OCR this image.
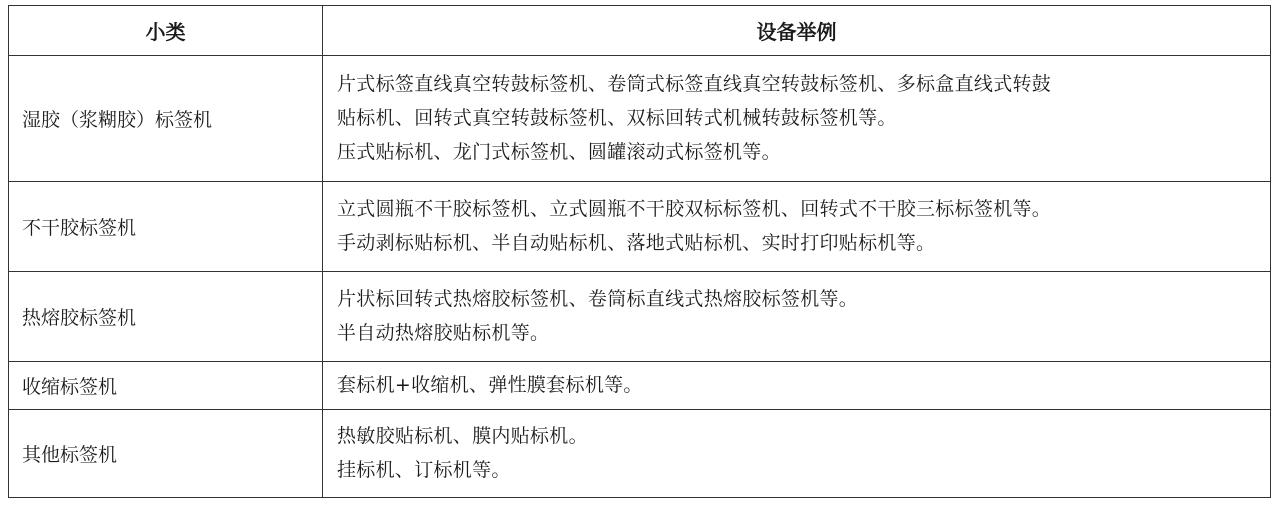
小类	设备举例
湿胶（浆糊胶）标签机	片式标签直线真空转鼓标签机、卷筒式标签直线真空转鼓标签机、多标盒直线式转鼓
贴标机、回转式真空转鼓标签机、双标回转式机械转鼓标签机等。
压式贴标机、龙门式标签机、圆罐滚动式标签机等。

不干胶标签机	立式圆瓶不干胶标签机、立式圆瓶不干胶双标标签机、回转式不干胶三标标签机等。
手动剥标贴标机、半自动贴标机、落地式贴标机、实时打印贴标机等。

热熔胶标签机	片状标回转式热熔胶标签机、卷筒标直线式热熔胶标签机等。
半自动热熔胶贴标机等。

收缩标签机	套标机+收缩机、弹性膜套标机等。

其他标签机	热敏胶贴标机、膜内贴标机。
挂标机、订标机等。
